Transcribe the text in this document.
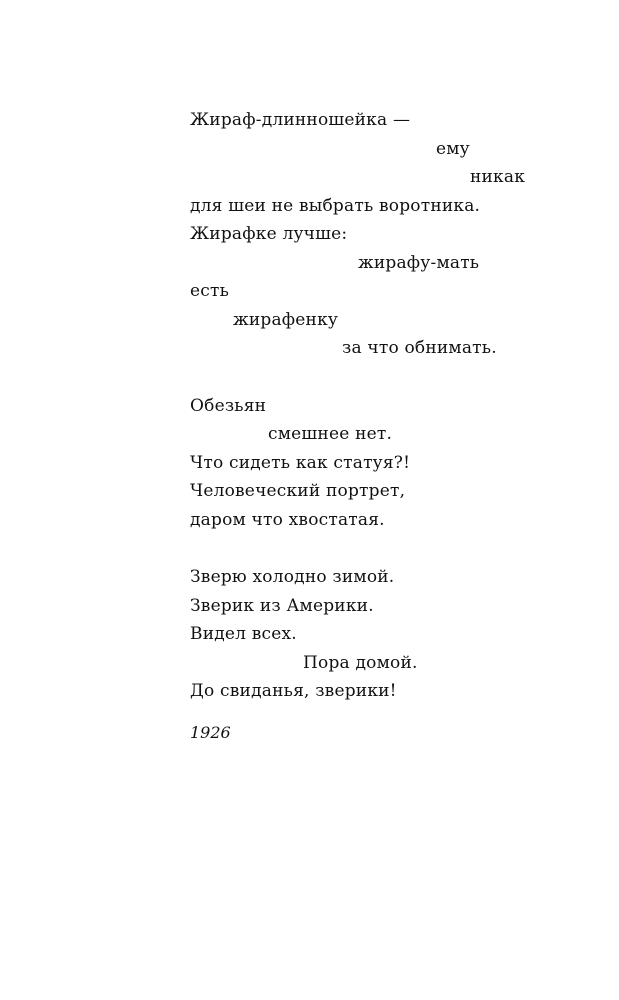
Жираф-длинношейка —
ему
никак
для шеи не выбрать воротника.
Жирафке лучше:
жирафу-мать
есть
жирафенку
за что обнимать.
Обезьян
смешнее нет.
Что сидеть как статуя?!
Человеческий портрет,
даром что хвостатая.
Зверю холодно зимой.
Зверик из Америки.
Видел всех.
Пора домой.
До свиданья, зверики!
1926
